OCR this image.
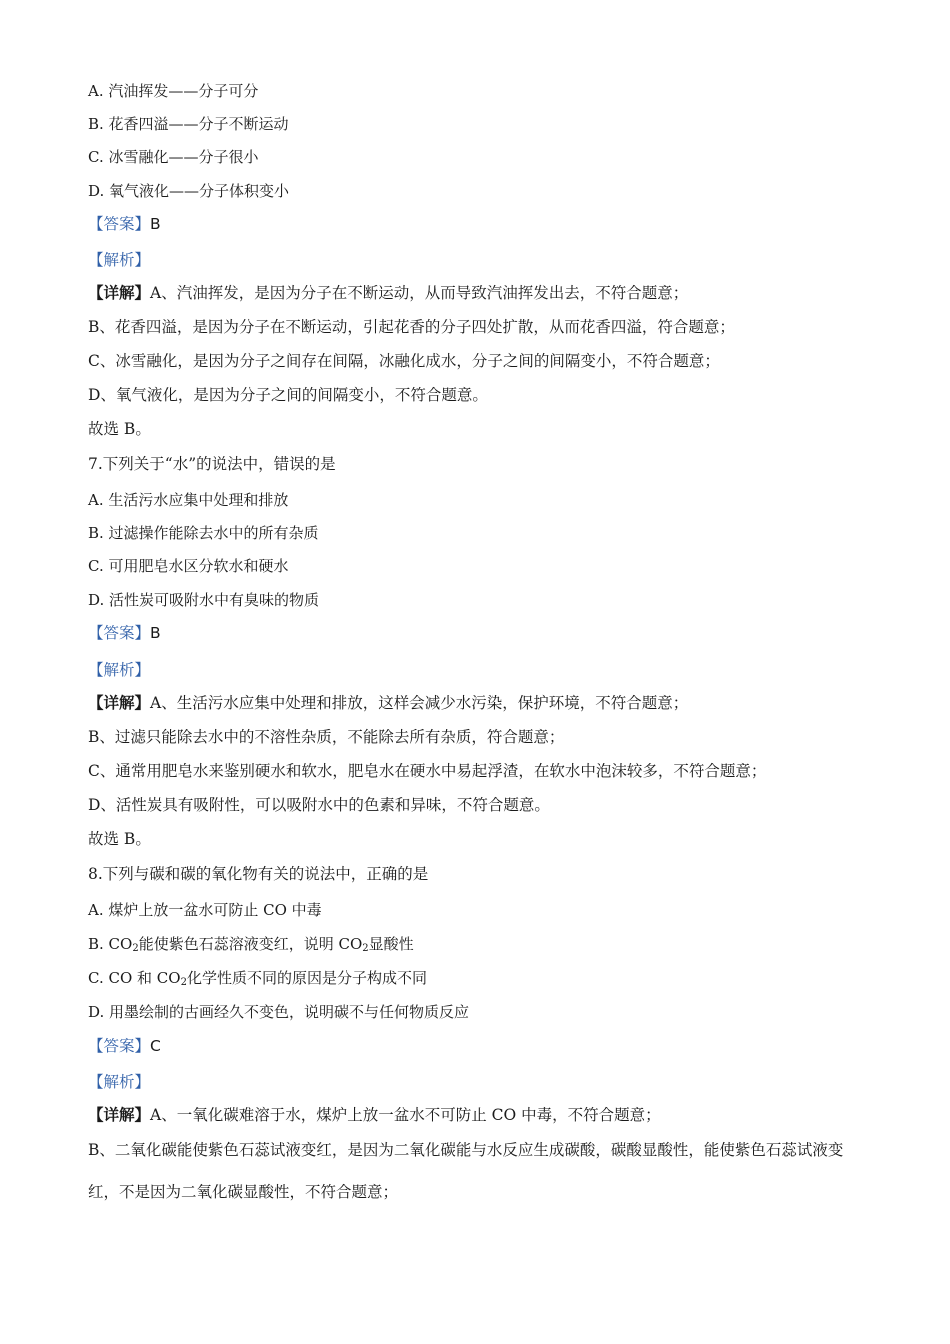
A. 汽油挥发——分子可分
B. 花香四溢——分子不断运动
C. 冰雪融化——分子很小
D. 氧气液化——分子体积变小
【答案】B
【解析】
【详解】A、汽油挥发，是因为分子在不断运动，从而导致汽油挥发出去，不符合题意；
B、花香四溢，是因为分子在不断运动，引起花香的分子四处扩散，从而花香四溢，符合题意；
C、冰雪融化，是因为分子之间存在间隔，冰融化成水，分子之间的间隔变小，不符合题意；
D、氧气液化，是因为分子之间的间隔变小，不符合题意。
故选 B。
7.下列关于“水”的说法中，错误的是
A. 生活污水应集中处理和排放
B. 过滤操作能除去水中的所有杂质
C. 可用肥皂水区分软水和硬水
D. 活性炭可吸附水中有臭味的物质
【答案】B
【解析】
【详解】A、生活污水应集中处理和排放，这样会减少水污染，保护环境，不符合题意；
B、过滤只能除去水中的不溶性杂质，不能除去所有杂质，符合题意；
C、通常用肥皂水来鉴别硬水和软水，肥皂水在硬水中易起浮渣，在软水中泡沫较多，不符合题意；
D、活性炭具有吸附性，可以吸附水中的色素和异味，不符合题意。
故选 B。
8.下列与碳和碳的氧化物有关的说法中，正确的是
A. 煤炉上放一盆水可防止 CO 中毒
B. $CO_2$能使紫色石蕊溶液变红，说明 $CO_2$显酸性
C. CO 和 $CO_2$化学性质不同的原因是分子构成不同
D. 用墨绘制的古画经久不变色，说明碳不与任何物质反应
【答案】C
【解析】
【详解】A、一氧化碳难溶于水，煤炉上放一盆水不可防止 CO 中毒，不符合题意；
B、二氧化碳能使紫色石蕊试液变红，是因为二氧化碳能与水反应生成碳酸，碳酸显酸性，能使紫色石蕊试液变红，不是因为二氧化碳显酸性，不符合题意；
